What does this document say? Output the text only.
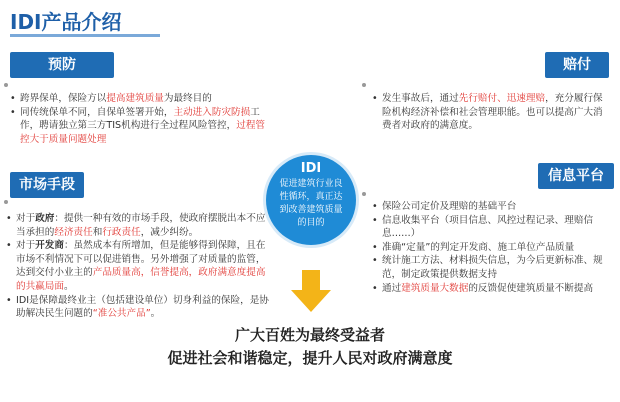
IDI产品介绍
预防	赔付
市场手段
信息平台
• 跨界保单，保险方以提高建筑质量为最终目的
• 同传统保单不同，自保单签署开始，主动进入防灾防损工作，聘请独立第三方TIS机构进行全过程风险管控，过程管控大于质量问题处理
• 发生事故后，通过先行赔付、迅速理赔，充分履行保险机构经济补偿和社会管理职能。也可以提高广大消费者对政府的满意度。
• 对于政府：提供一种有效的市场手段，使政府摆脱出本不应当承担的经济责任和行政责任，减少纠纷。
• 对于开发商：虽然成本有所增加，但是能够得到保障，且在市场不利情况下可以促进销售。另外增强了对质量的监管，达到交付小业主的产品质量高，信誉提高，政府满意度提高的共赢局面。
• IDI是保障最终业主（包括建设单位）切身利益的保险，是协助解决民生问题的“准公共产品”。
• 保险公司定价及理赔的基础平台
• 信息收集平台（项目信息、风控过程记录、理赔信息……）
• 准确“定量”的判定开发商、施工单位产品质量
• 统计施工方法、材料损失信息，为今后更新标准、规范，制定政策提供数据支持
• 通过建筑质量大数据的反馈促使建筑质量不断提高
IDI
促进建筑行业良性循环，真正达到改善建筑质量的目的
广大百姓为最终受益者
促进社会和谐稳定，提升人民对政府满意度
